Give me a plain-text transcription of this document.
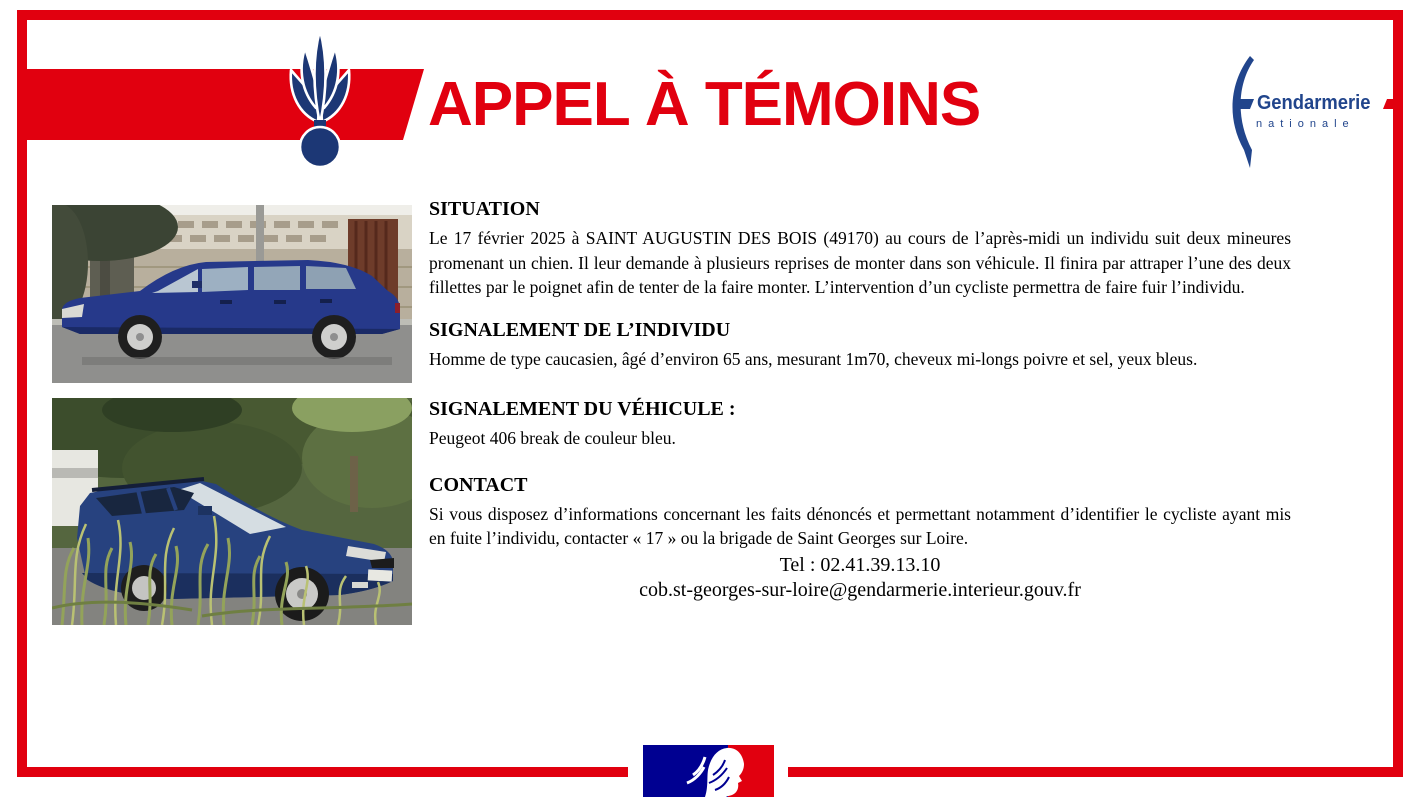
APPEL À TÉMOINS	Gendarmerie
nationale
SITUATION

Le 17 février 2025 à SAINT AUGUSTIN DES BOIS (49170) au cours de l’après-midi un individu suit deux mineures promenant un chien. Il leur demande à plusieurs reprises de monter dans son véhicule. Il finira par attraper l’une des deux fillettes par le poignet afin de tenter de la faire monter. L’intervention d’un cycliste permettra de faire fuir l’individu.

SIGNALEMENT DE L’INDIVIDU

Homme de type caucasien, âgé d’environ 65 ans, mesurant 1m70, cheveux mi-longs poivre et sel, yeux bleus.

SIGNALEMENT DU VÉHICULE :

Peugeot 406 break de couleur bleu.

CONTACT

Si vous disposez d’informations concernant les faits dénoncés et permettant notamment d’identifier le cycliste ayant mis en fuite l’individu, contacter « 17 » ou la brigade de Saint Georges sur Loire.

Tel : 02.41.39.13.10

cob.st-georges-sur-loire@gendarmerie.interieur.gouv.fr
